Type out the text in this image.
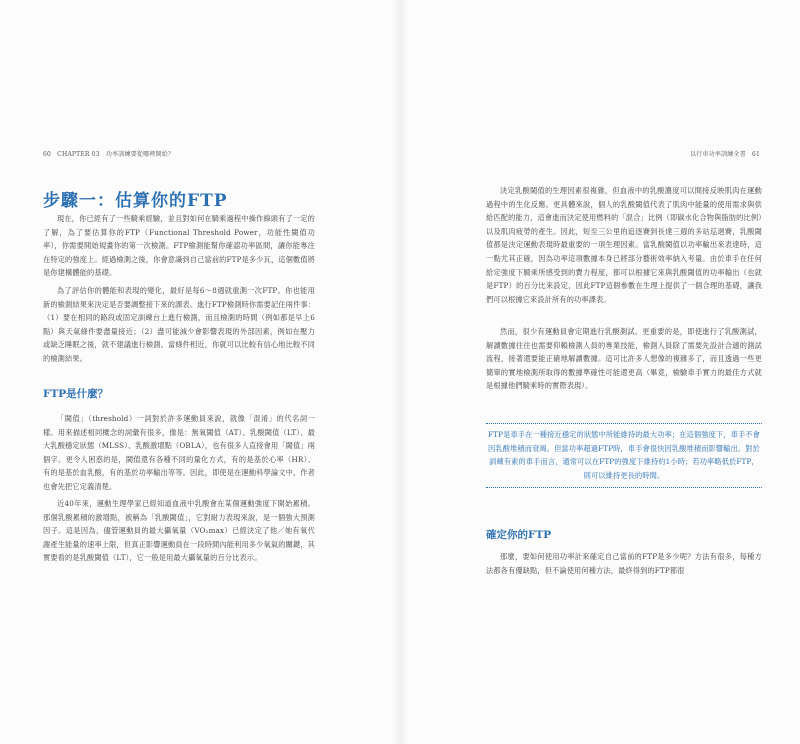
60 CHAPTER 03 功率訓練要從哪裡開始？
步驟一：估算你的FTP

現在，你已經有了一些騎乘經驗，並且對如何在騎乘過程中操作線頭有了一定的了解，為了要估算你的FTP（Functional Threshold Power，功能性閾值功率），你需要開始規畫你的第一次檢測。FTP檢測能幫你確認功率區間，讓你能專注在特定的強度上。經過檢測之後，你會意識到自己當前的FTP是多少瓦，這個數值將是你建構體能的基礎。

為了評估你的體能和表現的變化，最好是每6～8週就重測一次FTP。你也能用新的檢測結果來決定是否要調整接下來的課表。進行FTP檢測時你需要記住兩件事：（1）要在相同的路段或固定訓練台上進行檢測，而且檢測的時間（例如都是早上6點）與天氣條件要盡量接近；（2）盡可能減少會影響表現的外部因素，例如在壓力或缺乏睡眠之後，就不建議進行檢測。當條件相近，你就可以比較有信心地比較不同的檢測結果。

FTP是什麼？

「閾值」（threshold）一詞對於許多運動員來說，就像「混淆」的代名詞一樣。用來描述相同概念的詞彙有很多，像是：無氧閾值（AT）、乳酸閾值（LT）、最大乳酸穩定狀態（MLSS）、乳酸激增點（OBLA），也有很多人直接會用「閾值」兩個字。更令人困惑的是，閾值還有各種不同的量化方式，有的是基於心率（HR）、有的是基於血乳酸、有的基於功率輸出等等。因此，即使是在運動科學論文中，作者也會先把它定義清楚。

近40年來，運動生理學家已經知道血液中乳酸會在某個運動強度下開始累積。那個乳酸累積的激增點，被稱為「乳酸閾值」，它對耐力表現來說，是一個強大預測因子。這是因為，儘管運動員的最大攝氧量（VO₂max）已經決定了他／她有氧代謝產生能量的速率上限，但真正影響運動員在一段時間內能利用多少氧氣的關鍵，其實要看的是乳酸閾值（LT），它一般是用最大攝氧量的百分比表示。

以行車功率訓練全書 61

決定乳酸閾值的生理因素很複雜，但血液中的乳酸濃度可以間接反映肌肉在運動過程中的生化反應。更具體來說，個人的乳酸閾值代表了肌肉中能量的使用需求與供給匹配的能力，這會進而決定使用燃料的「混合」比例（即碳水化合物與脂肪的比例）以及肌肉疲勞的產生。因此，短至三公里的追逐賽到長達三週的多站巡迴賽，乳酸閾值都是決定運動表現時最重要的一項生理因素。當乳酸閾值以功率輸出來表達時，這一點尤其正確，因為功率這項數據本身已將部分藝術效率納入考量。由於車手在任何給定強度下騎乘所感受到的費力程度，都可以根據它來與乳酸閾值的功率輸出（也就是FTP）的百分比來設定，因此FTP這個參數在生理上提供了一個合理的基礎，讓我們可以根據它來設計所有的功率課表。

然而，很少有運動員會定期進行乳酸測試。更重要的是，即使進行了乳酸測試，解讀數據往往也需要仰賴檢測人員的專業技能，檢測人員除了需要先設計合適的測試流程，接著還要能正確地解讀數據。這可比許多人想像的複雜多了，而且透過一些更簡單的實地檢測所取得的數據準確性可能還更高（畢竟，檢驗車手實力的最佳方式就是根據他們騎乘時的實際表現）。

FTP是車手在一種接近穩定的狀態中所能維持的最大功率；在這個強度下，車手不會因乳酸堆積而衰竭。但當功率超過FTP時，車手會很快因乳酸堆積而影響輸出。對於訓練有素的車手而言，通常可以在FTP的強度下維持約1小時；若功率略低於FTP，則可以維持更長的時間。

確定你的FTP

那麼，要如何使用功率計來確定自己當前的FTP是多少呢？方法有很多，每種方法都各有優缺點，但不論使用何種方法，最終得到的FTP都很
